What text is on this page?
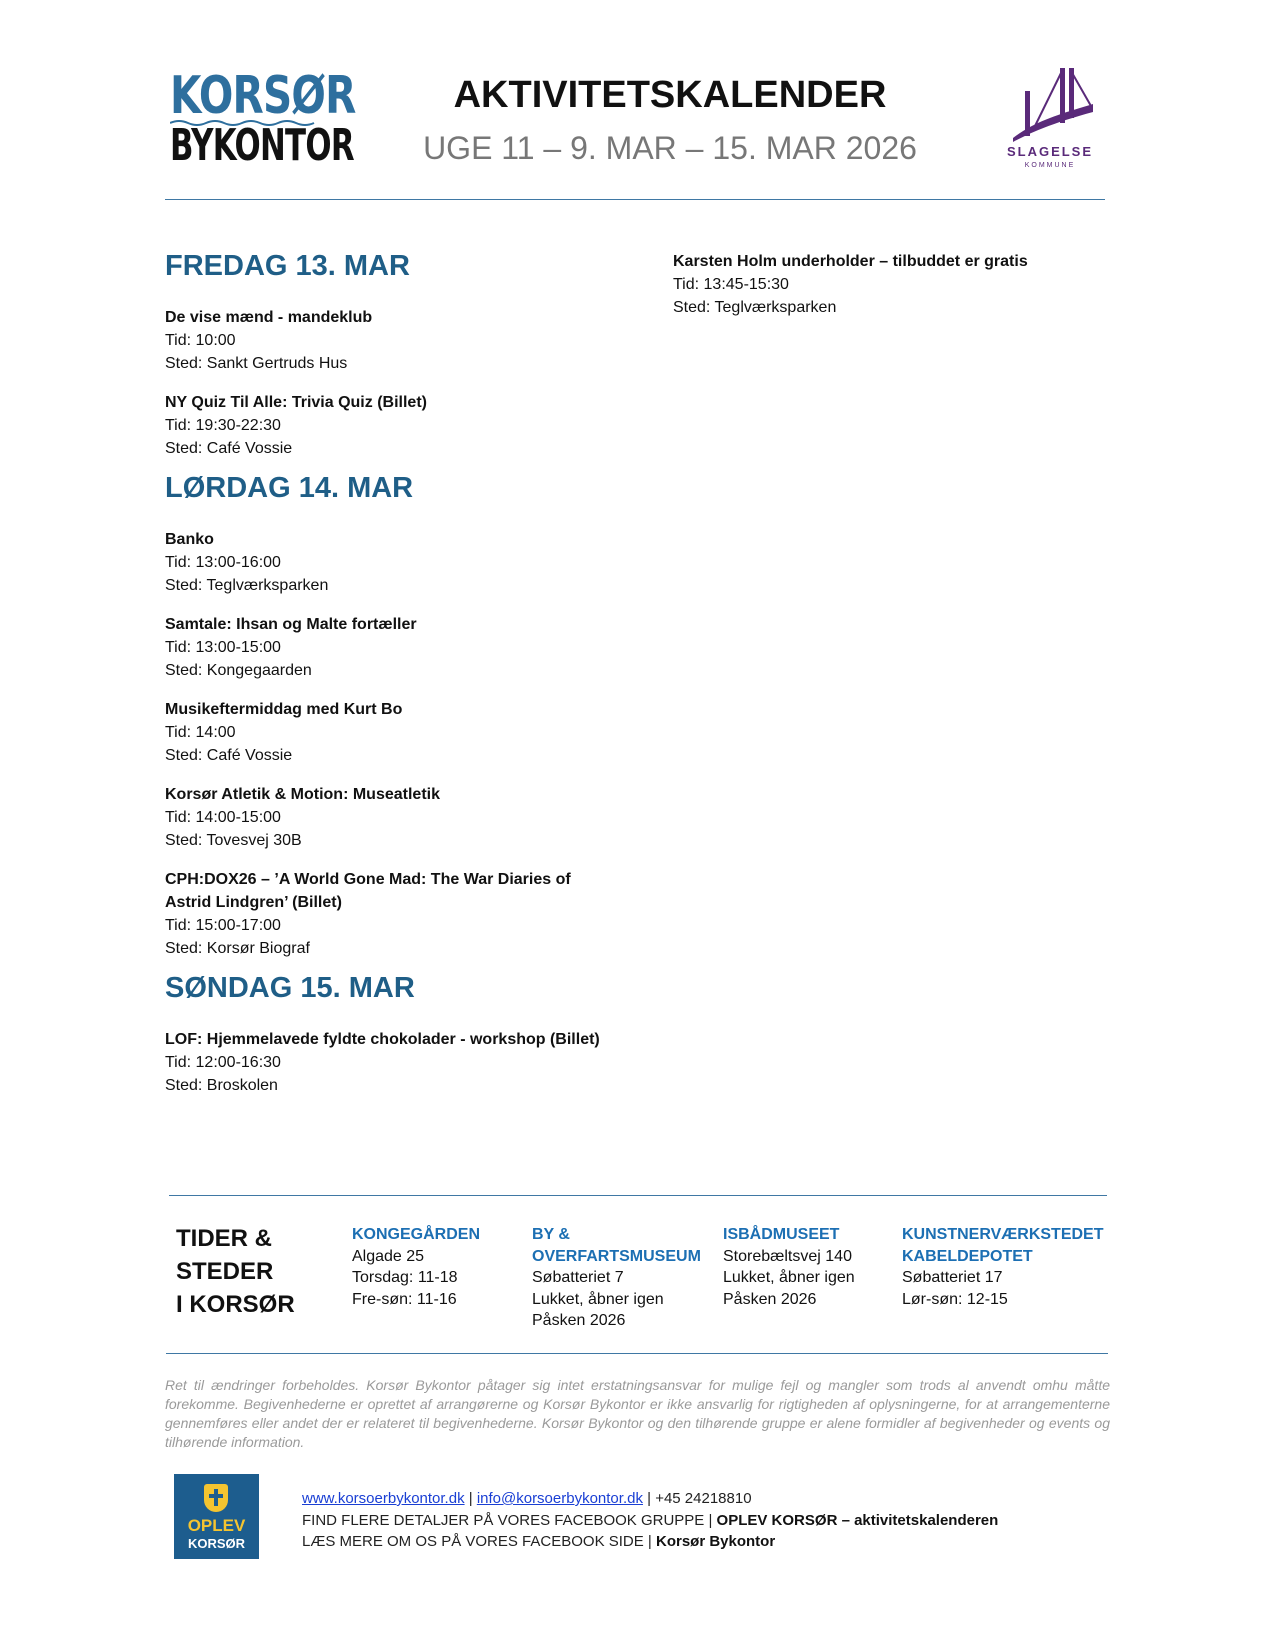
KORSØR
BYKONTOR
AKTIVITETSKALENDER
UGE 11 – 9. MAR – 15. MAR 2026	SLAGELSE
KOMMUNE
FREDAG 13. MAR
De vise mænd - mandeklub
Tid: 10:00
Sted: Sankt Gertruds Hus
NY Quiz Til Alle: Trivia Quiz (Billet)
Tid: 19:30-22:30
Sted: Café Vossie
LØRDAG 14. MAR
Banko
Tid: 13:00-16:00
Sted: Teglværksparken
Samtale: Ihsan og Malte fortæller
Tid: 13:00-15:00
Sted: Kongegaarden
Musikeftermiddag med Kurt Bo
Tid: 14:00
Sted: Café Vossie
Korsør Atletik & Motion: Museatletik
Tid: 14:00-15:00
Sted: Tovesvej 30B
CPH:DOX26 – ’A World Gone Mad: The War Diaries of Astrid Lindgren’ (Billet)
Tid: 15:00-17:00
Sted: Korsør Biograf
SØNDAG 15. MAR
LOF: Hjemmelavede fyldte chokolader - workshop (Billet)
Tid: 12:00-16:30
Sted: Broskolen
Karsten Holm underholder – tilbuddet er gratis
Tid: 13:45-15:30
Sted: Teglværksparken
TIDER &
STEDER
I KORSØR
KONGEGÅRDEN
Algade 25
Torsdag: 11-18
Fre-søn: 11-16
BY &
OVERFARTSMUSEUM
Søbatteriet 7
Lukket, åbner igen
Påsken 2026
ISBÅDMUSEET
Storebæltsvej 140
Lukket, åbner igen
Påsken 2026
KUNSTNERVÆRKSTEDET
KABELDEPOTET
Søbatteriet 17
Lør-søn: 12-15
Ret til ændringer forbeholdes. Korsør Bykontor påtager sig intet erstatningsansvar for mulige fejl og mangler som trods al anvendt omhu måtte forekomme. Begivenhederne er oprettet af arrangørerne og Korsør Bykontor er ikke ansvarlig for rigtigheden af oplysningerne, for at arrangementerne gennemføres eller andet der er relateret til begivenhederne. Korsør Bykontor og den tilhørende gruppe er alene formidler af begivenheder og events og tilhørende information.
OPLEV
KORSØR
www.korsoerbykontor.dk | info@korsoerbykontor.dk | +45 24218810
FIND FLERE DETALJER PÅ VORES FACEBOOK GRUPPE | OPLEV KORSØR – aktivitetskalenderen
LÆS MERE OM OS PÅ VORES FACEBOOK SIDE | Korsør Bykontor
